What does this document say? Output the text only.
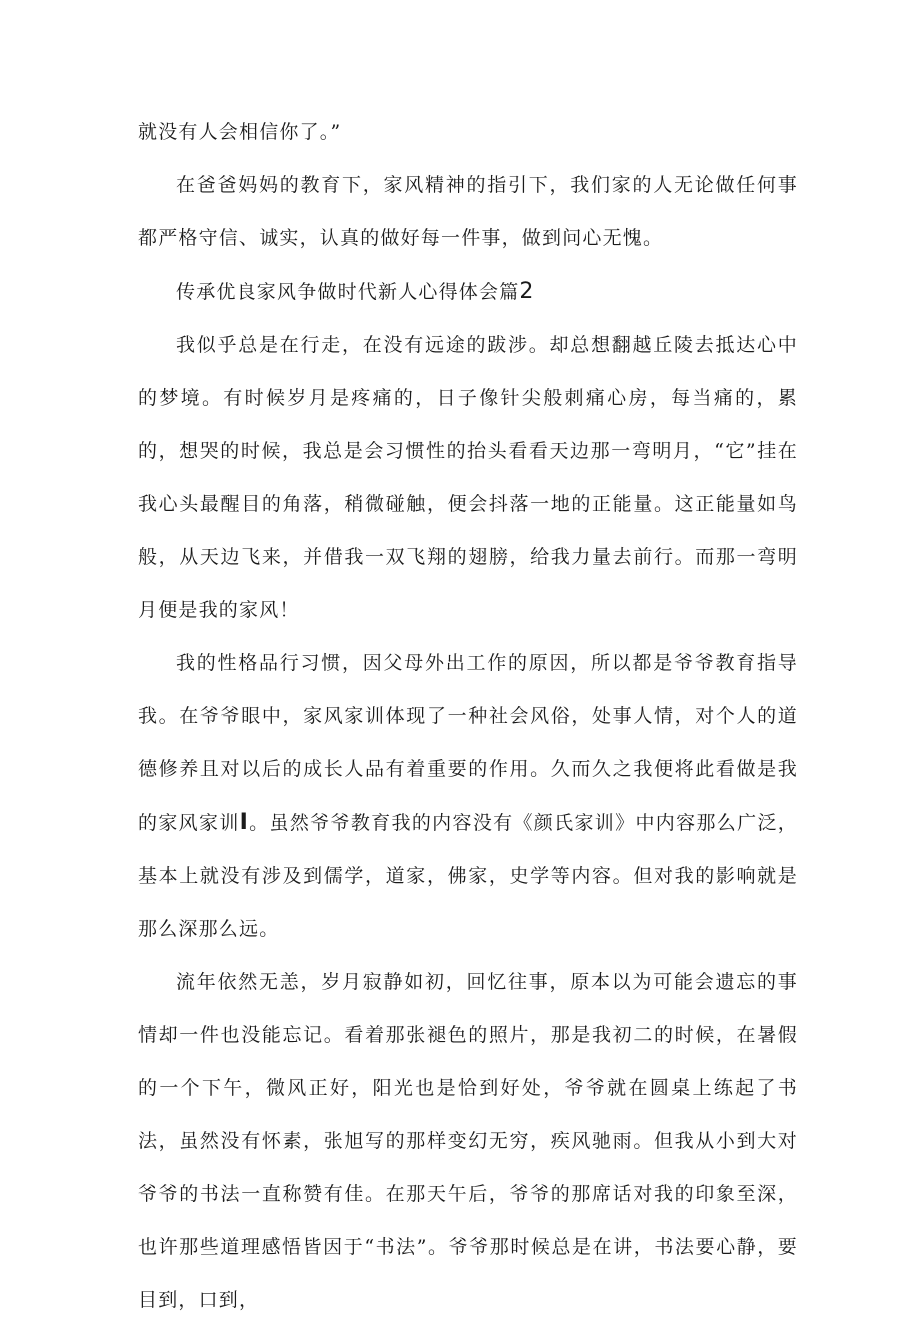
就没有人会相信你了。”

在爸爸妈妈的教育下，家风精神的指引下，我们家的人无论做任何事都严格守信、诚实，认真的做好每一件事，做到问心无愧。

传承优良家风争做时代新人心得体会篇2

我似乎总是在行走，在没有远途的跋涉。却总想翻越丘陵去抵达心中的梦境。有时候岁月是疼痛的，日子像针尖般刺痛心房，每当痛的，累的，想哭的时候，我总是会习惯性的抬头看看天边那一弯明月，“它”挂在我心头最醒目的角落，稍微碰触，便会抖落一地的正能量。这正能量如鸟般，从天边飞来，并借我一双飞翔的翅膀，给我力量去前行。而那一弯明月便是我的家风！

我的性格品行习惯，因父母外出工作的原因，所以都是爷爷教育指导我。在爷爷眼中，家风家训体现了一种社会风俗，处事人情，对个人的道德修养且对以后的成长人品有着重要的作用。久而久之我便将此看做是我的家风家训I。虽然爷爷教育我的内容没有《颜氏家训》中内容那么广泛，基本上就没有涉及到儒学，道家，佛家，史学等内容。但对我的影响就是那么深那么远。

流年依然无恙，岁月寂静如初，回忆往事，原本以为可能会遗忘的事情却一件也没能忘记。看着那张褪色的照片，那是我初二的时候，在暑假的一个下午，微风正好，阳光也是恰到好处，爷爷就在圆桌上练起了书法，虽然没有怀素，张旭写的那样变幻无穷，疾风驰雨。但我从小到大对爷爷的书法一直称赞有佳。在那天午后，爷爷的那席话对我的印象至深，也许那些道理感悟皆因于“书法”。爷爷那时候总是在讲，书法要心静，要目到，口到，
